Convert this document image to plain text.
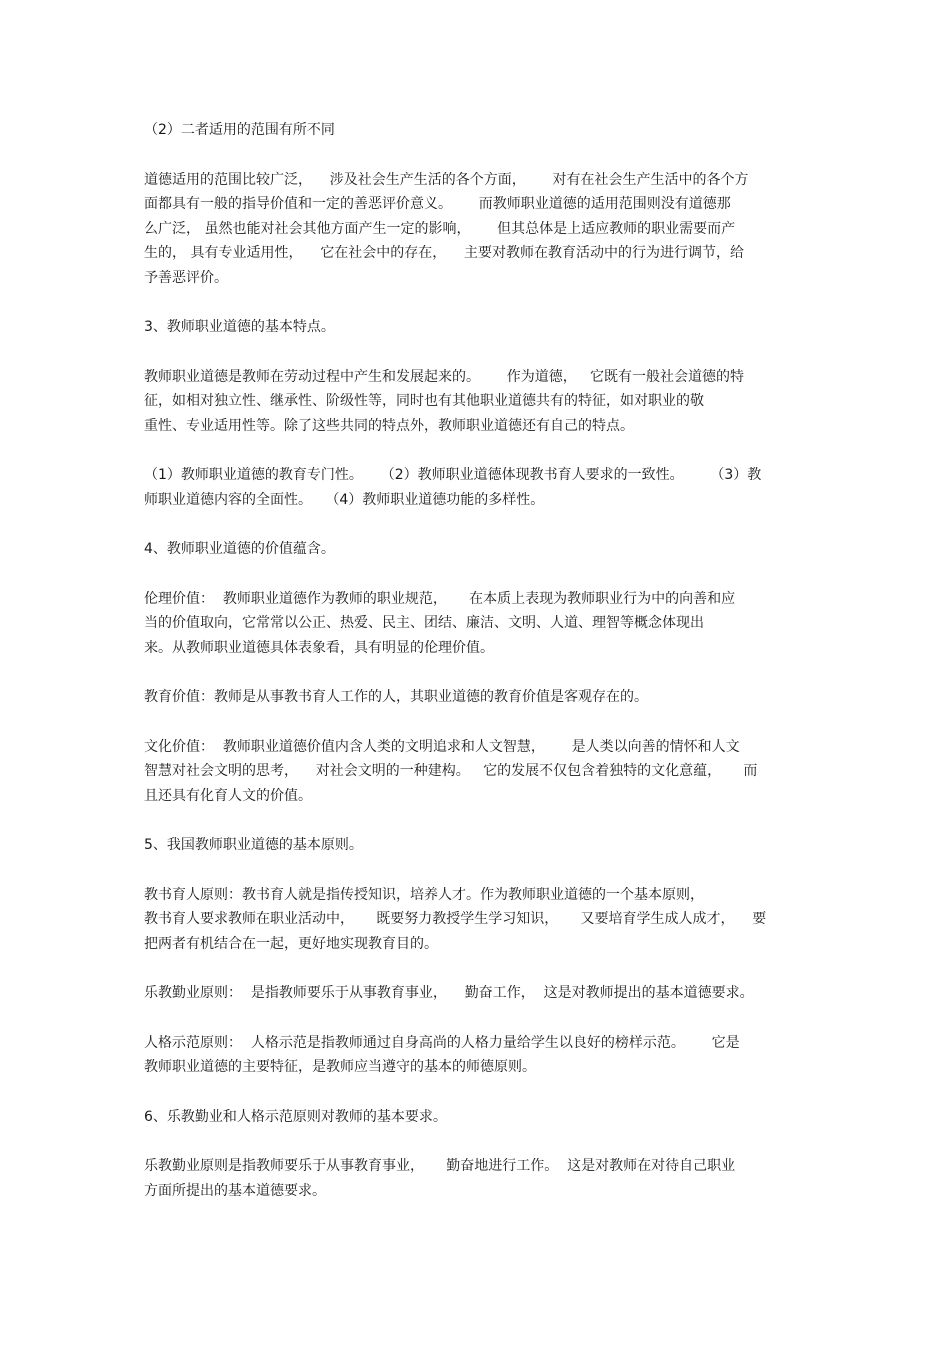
（2）二者适用的范围有所不同

道德适用的范围比较广泛，    涉及社会生产生活的各个方面，      对有在社会生产生活中的各个方

面都具有一般的指导价值和一定的善恶评价意义。      而教师职业道德的适用范围则没有道德那

么广泛， 虽然也能对社会其他方面产生一定的影响，      但其总体是上适应教师的职业需要而产

生的， 具有专业适用性，    它在社会中的存在，    主要对教师在教育活动中的行为进行调节，给

予善恶评价。

3、教师职业道德的基本特点。

教师职业道德是教师在劳动过程中产生和发展起来的。      作为道德，   它既有一般社会道德的特

征，如相对独立性、继承性、阶级性等，同时也有其他职业道德共有的特征，如对职业的敬

重性、专业适用性等。除了这些共同的特点外，教师职业道德还有自己的特点。

（1）教师职业道德的教育专门性。    （2）教师职业道德体现教书育人要求的一致性。      （3）教

师职业道德内容的全面性。   （4）教师职业道德功能的多样性。

4、教师职业道德的价值蕴含。

伦理价值：  教师职业道德作为教师的职业规范，     在本质上表现为教师职业行为中的向善和应

当的价值取向，它常常以公正、热爱、民主、团结、廉洁、文明、人道、理智等概念体现出

来。从教师职业道德具体表象看，具有明显的伦理价值。

教育价值：教师是从事教书育人工作的人，其职业道德的教育价值是客观存在的。

文化价值：  教师职业道德价值内含人类的文明追求和人文智慧，      是人类以向善的情怀和人文

智慧对社会文明的思考，    对社会文明的一种建构。   它的发展不仅包含着独特的文化意蕴，     而

且还具有化育人文的价值。

5、我国教师职业道德的基本原则。

教书育人原则：教书育人就是指传授知识，培养人才。作为教师职业道德的一个基本原则，

教书育人要求教师在职业活动中，     既要努力教授学生学习知识，     又要培育学生成人成才，    要

把两者有机结合在一起，更好地实现教育目的。

乐教勤业原则：  是指教师要乐于从事教育事业，    勤奋工作，  这是对教师提出的基本道德要求。

人格示范原则：  人格示范是指教师通过自身高尚的人格力量给学生以良好的榜样示范。      它是

教师职业道德的主要特征，是教师应当遵守的基本的师德原则。

6、乐教勤业和人格示范原则对教师的基本要求。

乐教勤业原则是指教师要乐于从事教育事业，     勤奋地进行工作。  这是对教师在对待自己职业

方面所提出的基本道德要求。
